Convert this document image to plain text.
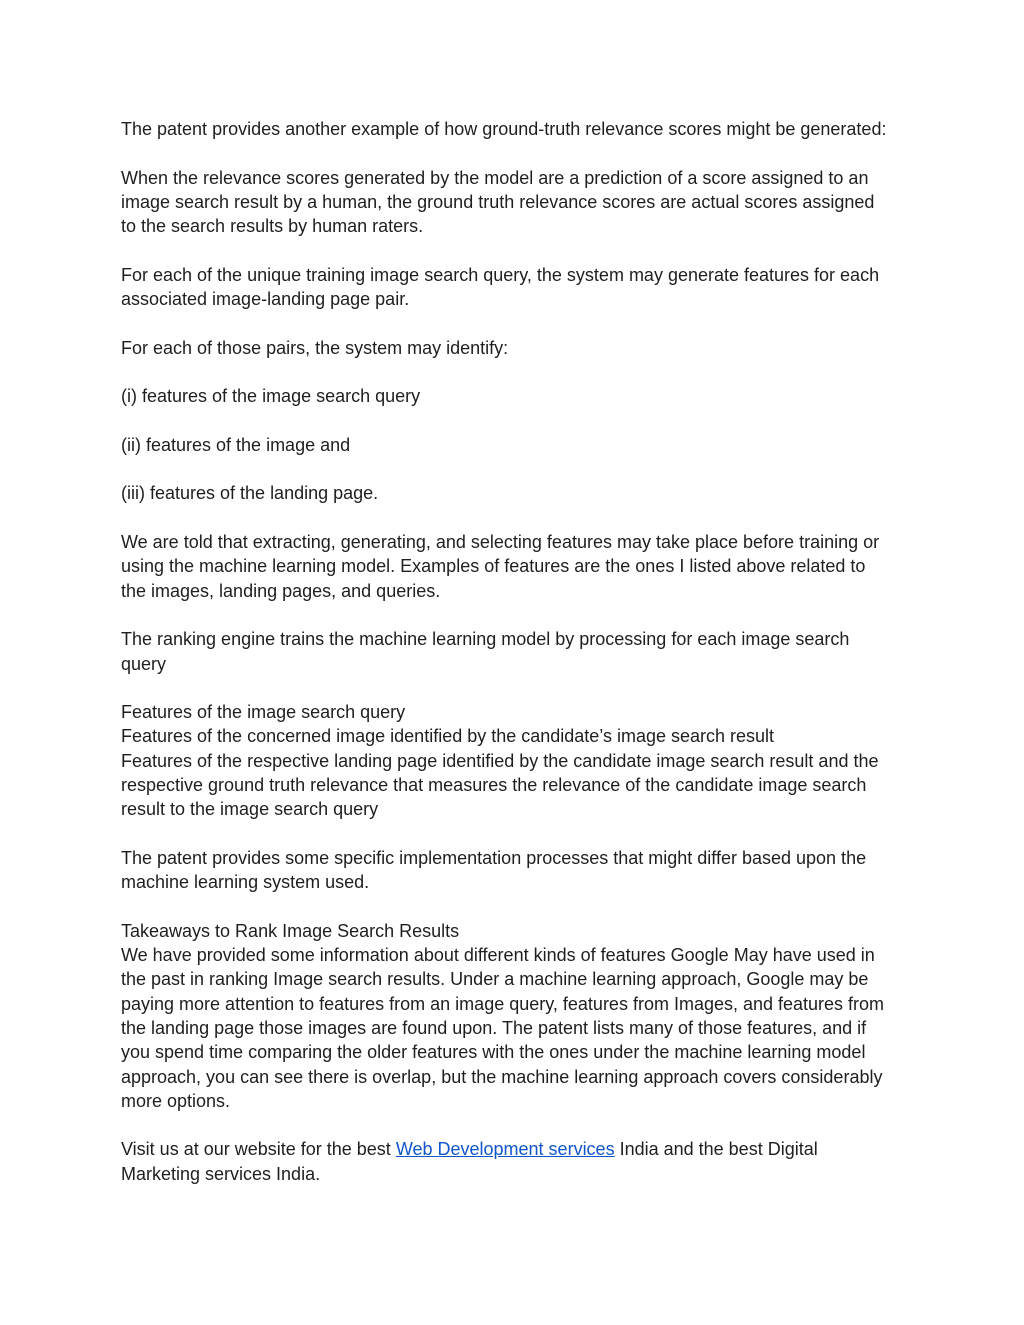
The patent provides another example of how ground-truth relevance scores might be generated:

When the relevance scores generated by the model are a prediction of a score assigned to an
image search result by a human, the ground truth relevance scores are actual scores assigned
to the search results by human raters.

For each of the unique training image search query, the system may generate features for each
associated image-landing page pair.

For each of those pairs, the system may identify:

(i) features of the image search query

(ii) features of the image and

(iii) features of the landing page.

We are told that extracting, generating, and selecting features may take place before training or
using the machine learning model. Examples of features are the ones I listed above related to
the images, landing pages, and queries.

The ranking engine trains the machine learning model by processing for each image search
query

Features of the image search query
Features of the concerned image identified by the candidate’s image search result
Features of the respective landing page identified by the candidate image search result and the
respective ground truth relevance that measures the relevance of the candidate image search
result to the image search query

The patent provides some specific implementation processes that might differ based upon the
machine learning system used.

Takeaways to Rank Image Search Results
We have provided some information about different kinds of features Google May have used in
the past in ranking Image search results. Under a machine learning approach, Google may be
paying more attention to features from an image query, features from Images, and features from
the landing page those images are found upon. The patent lists many of those features, and if
you spend time comparing the older features with the ones under the machine learning model
approach, you can see there is overlap, but the machine learning approach covers considerably
more options.

Visit us at our website for the best Web Development services India and the best Digital
Marketing services India.
